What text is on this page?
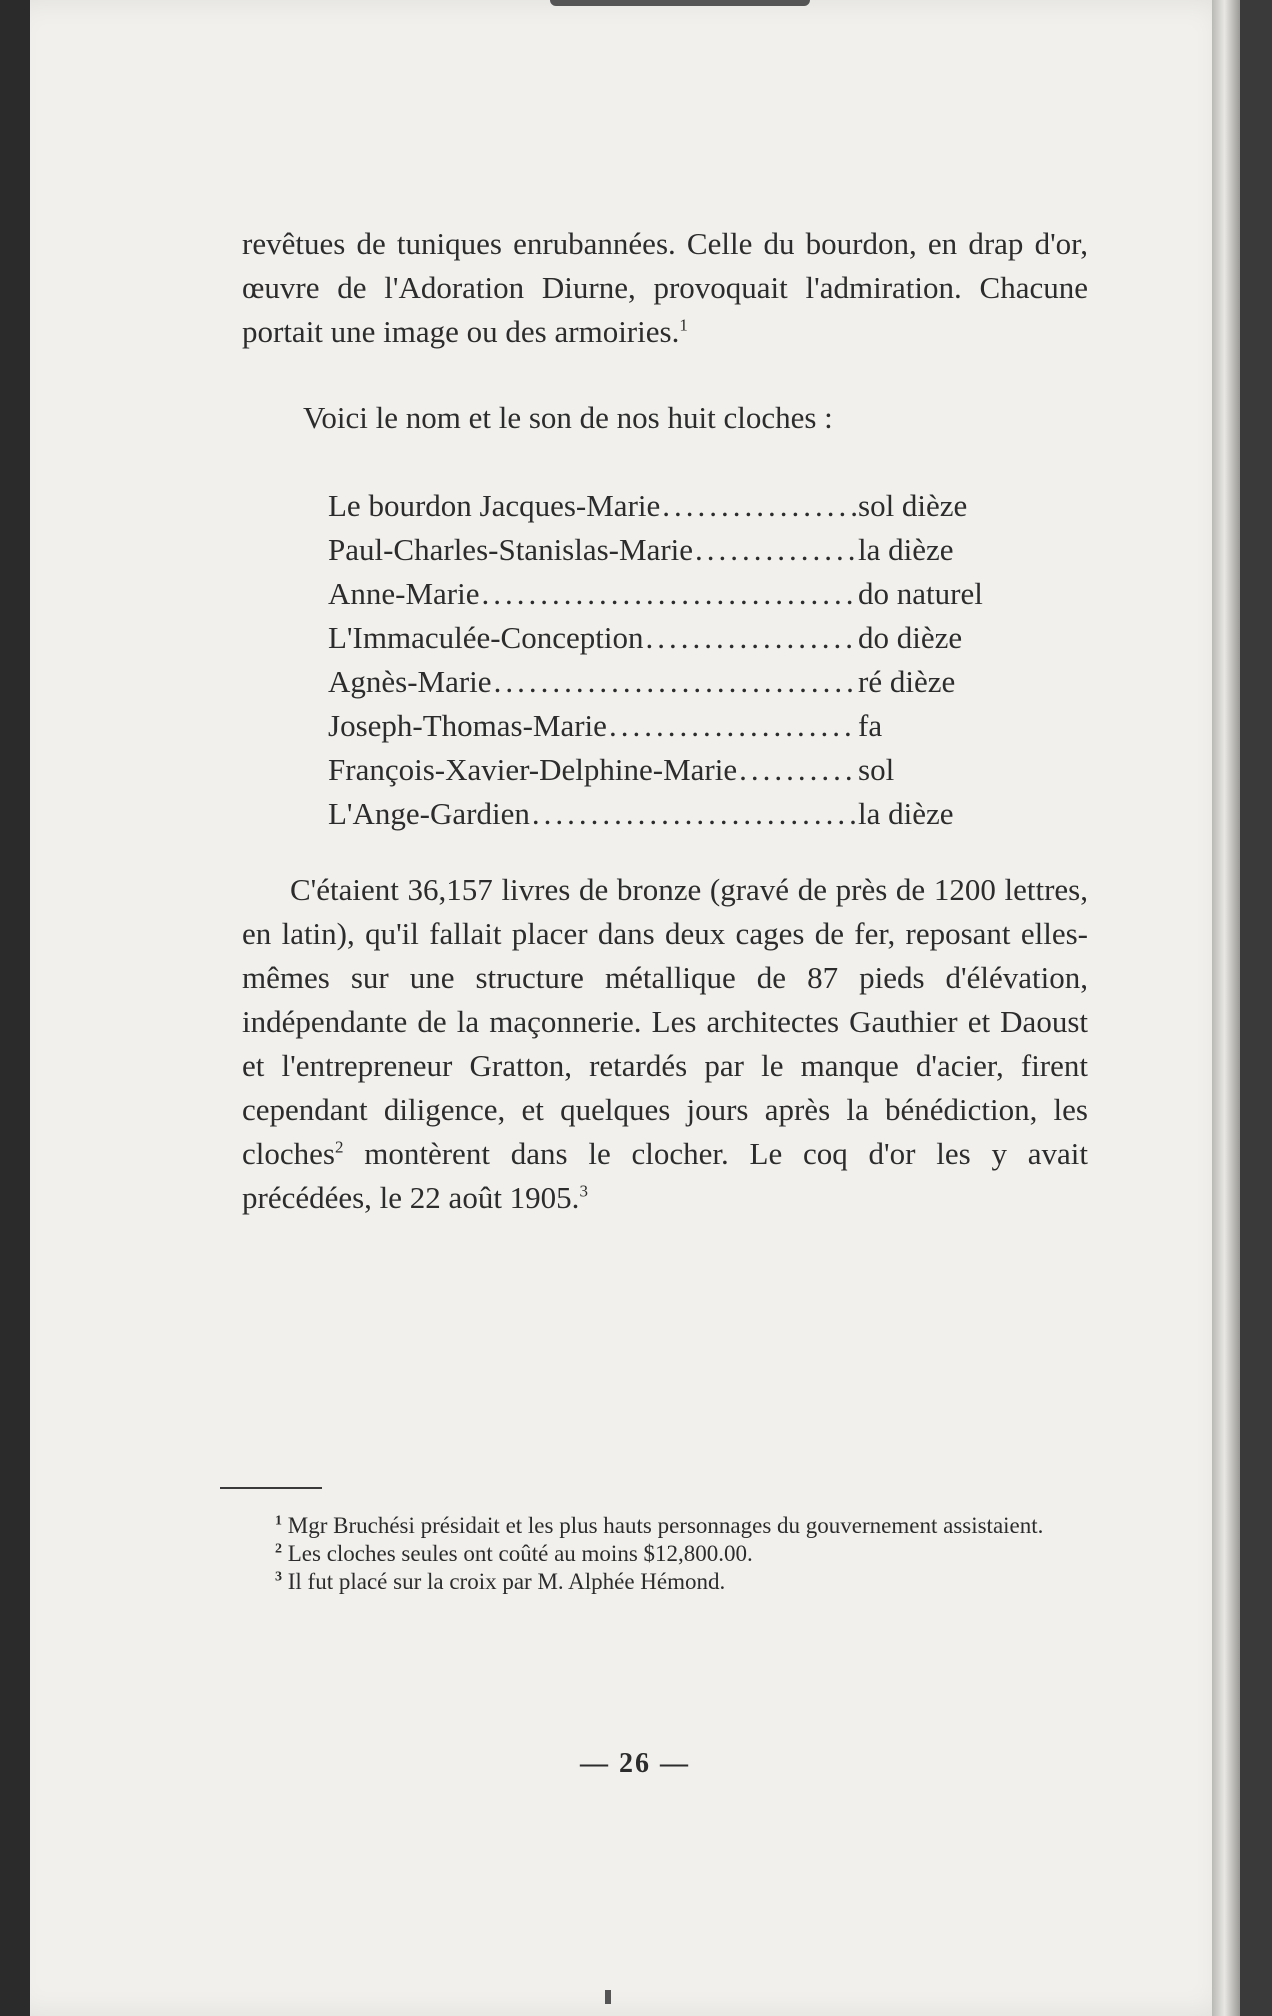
revêtues de tuniques enrubannées. Celle du bourdon, en drap d'or, œuvre de l'Adoration Diurne, provoquait l'admiration. Chacune portait une image ou des armoiries.$^1$

Voici le nom et le son de nos huit cloches :
Le bourdon Jacques-Marie .....	sol dièze
Paul-Charles-Stanislas-Marie .....	la dièze
Anne-Marie .....	do naturel
L'Immaculée-Conception .....	do dièze
Agnès-Marie .....	ré dièze
Joseph-Thomas-Marie .....	fa
François-Xavier-Delphine-Marie .....	sol
L'Ange-Gardien .....	la dièze

C'étaient 36,157 livres de bronze (gravé de près de 1200 lettres, en latin), qu'il fallait placer dans deux cages de fer, reposant elles-mêmes sur une structure métallique de 87 pieds d'élévation, indépendante de la maçonnerie. Les architectes Gauthier et Daoust et l'entrepreneur Gratton, retardés par le manque d'acier, firent cependant diligence, et quelques jours après la bénédiction, les cloches$^2$ montèrent dans le clocher. Le coq d'or les y avait précédées, le 22 août 1905.$^3$

$^1$ Mgr Bruchési présidait et les plus hauts personnages du gouvernement assistaient.

$^2$ Les cloches seules ont coûté au moins $12,800.00.

$^3$ Il fut placé sur la croix par M. Alphée Hémond.

— 26 —
